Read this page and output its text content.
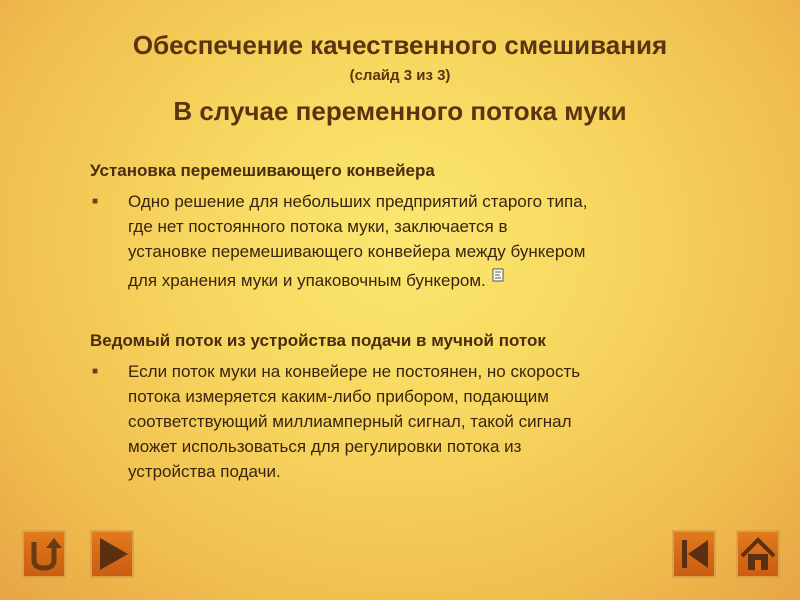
Обеспечение качественного смешивания
(слайд 3 из 3)
В случае переменного потока муки
Установка перемешивающего конвейера
■ Одно решение для небольших предприятий старого типа,
где нет постоянного потока муки, заключается в
установке перемешивающего конвейера между бункером
для хранения муки и упаковочным бункером.
Ведомый поток из устройства подачи в мучной поток
■ Если поток муки на конвейере не постоянен, но скорость
потока измеряется каким-либо прибором, подающим
соответствующий миллиамперный сигнал, такой сигнал
может использоваться для регулировки потока из
устройства подачи.
